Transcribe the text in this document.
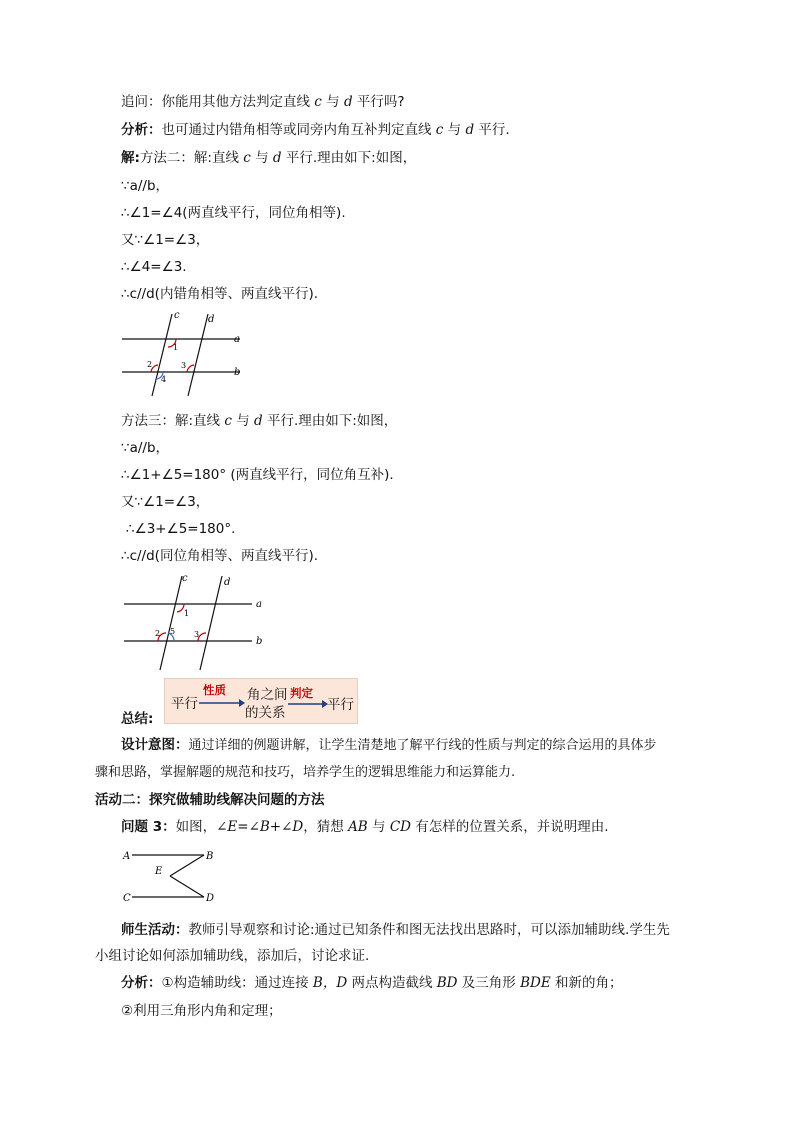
追问：你能用其他方法判定直线 c 与 d 平行吗?
分析：也可通过内错角相等或同旁内角互补判定直线 c 与 d 平行.
解:方法二：解:直线 c 与 d 平行.理由如下:如图，
∵a//b，
∴∠1=∠4(两直线平行，同位角相等).
又∵∠1=∠3，
∴∠4=∠3.
∴c//d(内错角相等、两直线平行).
c	d
a
b
1
2	3
4
方法三：解:直线 c 与 d 平行.理由如下:如图，
∵a//b，
∴∠1+∠5=180° (两直线平行，同位角互补).
又∵∠1=∠3，
∴∠3+∠5=180°.
∴c//d(同位角相等、两直线平行).
c	d
a
b
1
2 5 3
总结:
平行
性质 角之间
的关系
判定
平行
设计意图：通过详细的例题讲解，让学生清楚地了解平行线的性质与判定的综合运用的具体步
骤和思路，掌握解题的规范和技巧，培养学生的逻辑思维能力和运算能力.
活动二：探究做辅助线解决问题的方法
问题 3：如图，∠E=∠B+∠D，猜想 AB 与 CD 有怎样的位置关系，并说明理由.
A	B
C	D
E
师生活动：教师引导观察和讨论:通过已知条件和图无法找出思路时，可以添加辅助线.学生先
小组讨论如何添加辅助线，添加后，讨论求证.
分析：①构造辅助线：通过连接 B，D 两点构造截线 BD 及三角形 BDE 和新的角；
②利用三角形内角和定理；
